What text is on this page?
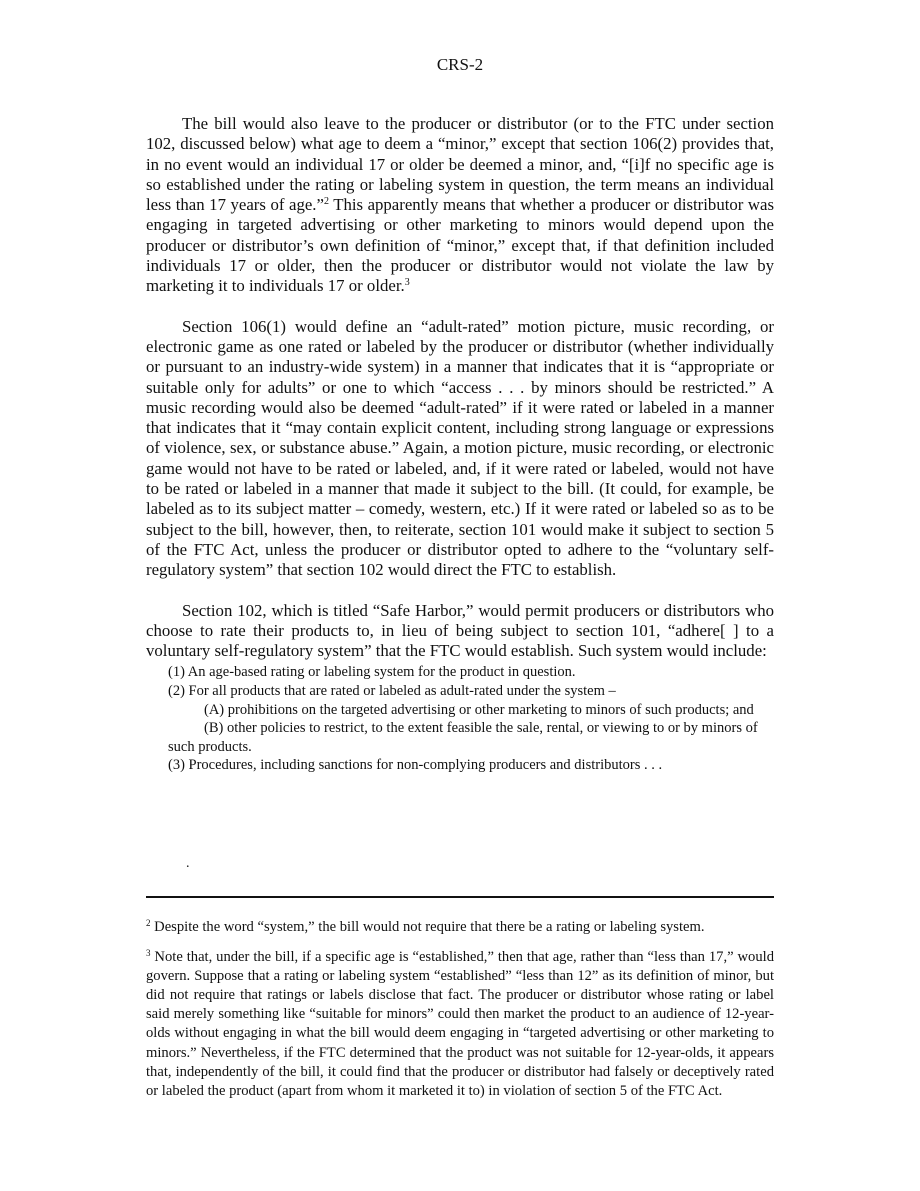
CRS-2

The bill would also leave to the producer or distributor (or to the FTC under section 102, discussed below) what age to deem a “minor,” except that section 106(2) provides that, in no event would an individual 17 or older be deemed a minor, and, “[i]f no specific age is so established under the rating or labeling system in question, the term means an individual less than 17 years of age.”$^2$ This apparently means that whether a producer or distributor was engaging in targeted advertising or other marketing to minors would depend upon the producer or distributor’s own definition of “minor,” except that, if that definition included individuals 17 or older, then the producer or distributor would not violate the law by marketing it to individuals 17 or older.$^3$

Section 106(1) would define an “adult-rated” motion picture, music recording, or electronic game as one rated or labeled by the producer or distributor (whether individually or pursuant to an industry-wide system) in a manner that indicates that it is “appropriate or suitable only for adults” or one to which “access . . . by minors should be restricted.” A music recording would also be deemed “adult-rated” if it were rated or labeled in a manner that indicates that it “may contain explicit content, including strong language or expressions of violence, sex, or substance abuse.” Again, a motion picture, music recording, or electronic game would not have to be rated or labeled, and, if it were rated or labeled, would not have to be rated or labeled in a manner that made it subject to the bill. (It could, for example, be labeled as to its subject matter – comedy, western, etc.) If it were rated or labeled so as to be subject to the bill, however, then, to reiterate, section 101 would make it subject to section 5 of the FTC Act, unless the producer or distributor opted to adhere to the “voluntary self-regulatory system” that section 102 would direct the FTC to establish.

Section 102, which is titled “Safe Harbor,” would permit producers or distributors who choose to rate their products to, in lieu of being subject to section 101, “adhere[ ] to a voluntary self-regulatory system” that the FTC would establish. Such system would include:

(1) An age-based rating or labeling system for the product in question.

(2) For all products that are rated or labeled as adult-rated under the system –

(A) prohibitions on the targeted advertising or other marketing to minors of such products; and

(B) other policies to restrict, to the extent feasible the sale, rental, or viewing to or by minors of such products.

(3) Procedures, including sanctions for non-complying producers and distributors . . .

.

$^2$ Despite the word “system,” the bill would not require that there be a rating or labeling system.

$^3$ Note that, under the bill, if a specific age is “established,” then that age, rather than “less than 17,” would govern. Suppose that a rating or labeling system “established” “less than 12” as its definition of minor, but did not require that ratings or labels disclose that fact. The producer or distributor whose rating or label said merely something like “suitable for minors” could then market the product to an audience of 12-year-olds without engaging in what the bill would deem engaging in “targeted advertising or other marketing to minors.” Nevertheless, if the FTC determined that the product was not suitable for 12-year-olds, it appears that, independently of the bill, it could find that the producer or distributor had falsely or deceptively rated or labeled the product (apart from whom it marketed it to) in violation of section 5 of the FTC Act.
